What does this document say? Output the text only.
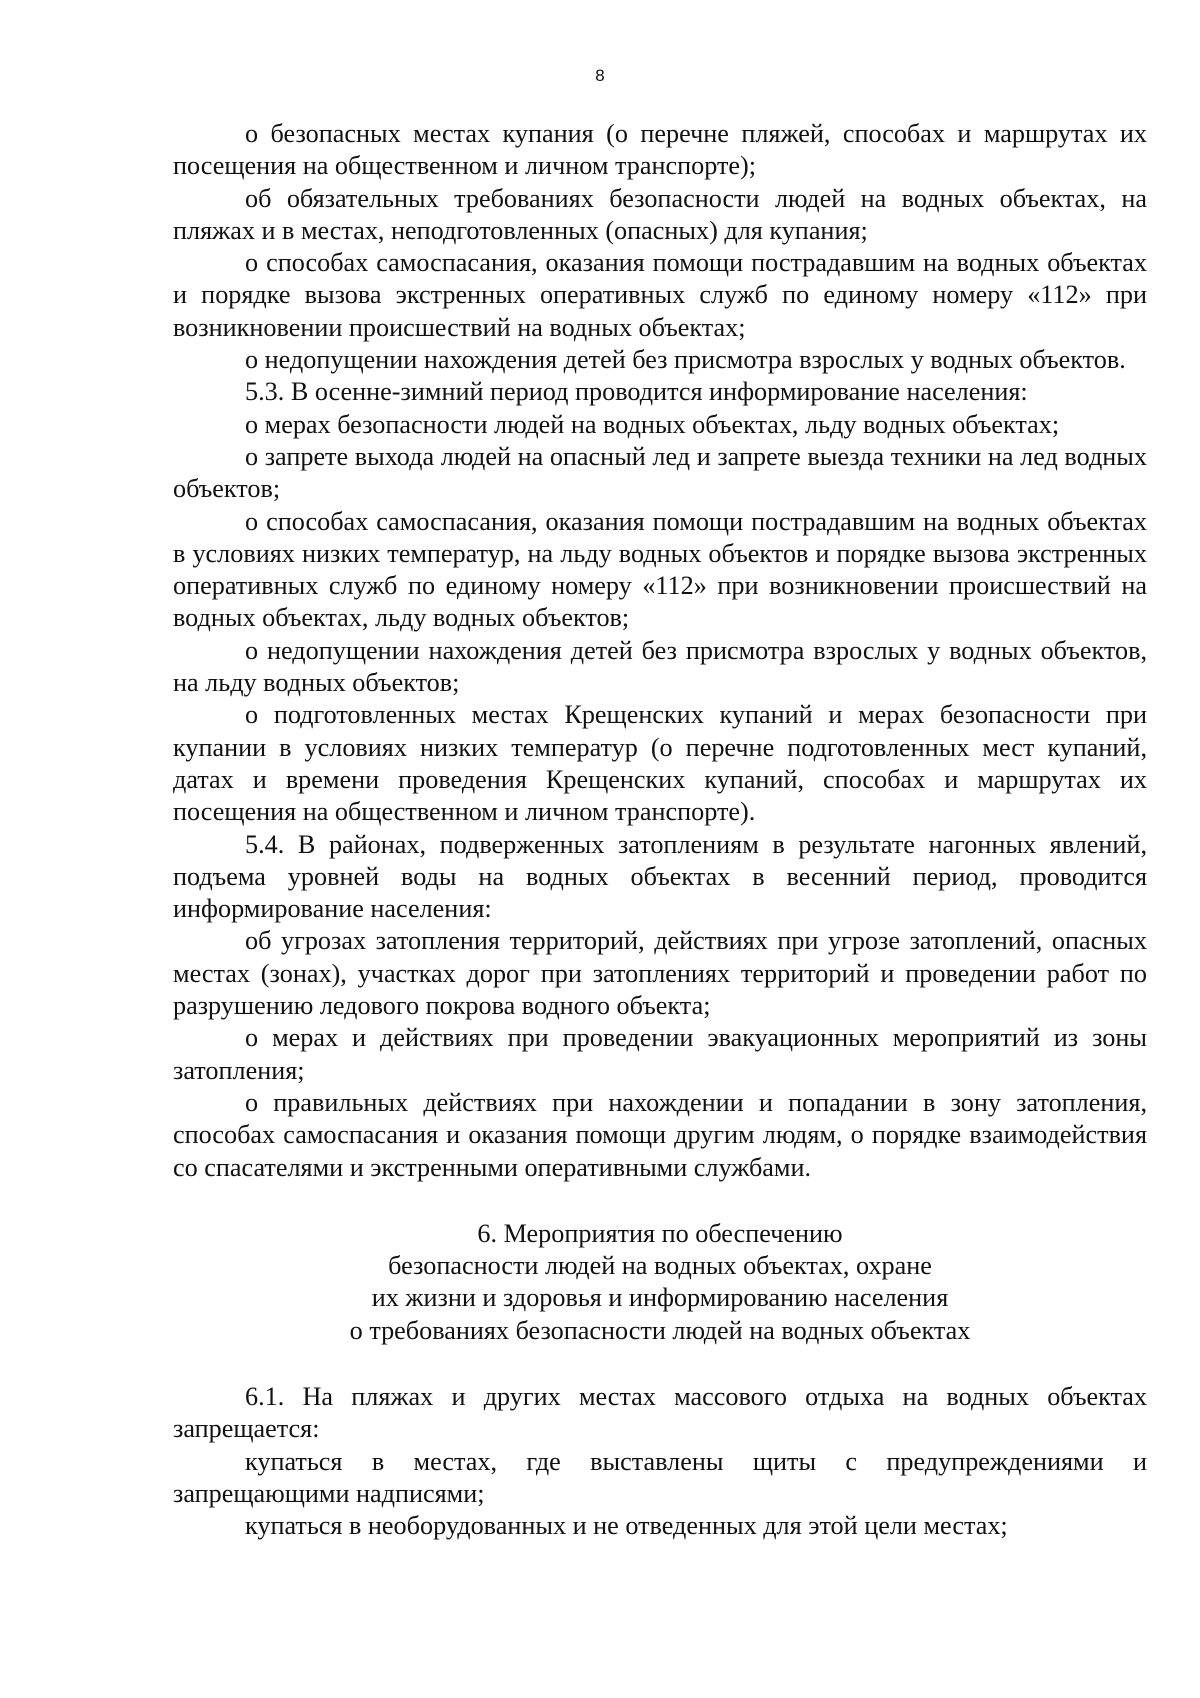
8

о безопасных местах купания (о перечне пляжей, способах и маршрутах их посещения на общественном и личном транспорте);

об обязательных требованиях безопасности людей на водных объектах, на пляжах и в местах, неподготовленных (опасных) для купания;

о способах самоспасания, оказания помощи пострадавшим на водных объектах и порядке вызова экстренных оперативных служб по единому номеру «112» при возникновении происшествий на водных объектах;

о недопущении нахождения детей без присмотра взрослых у водных объектов.

5.3. В осенне-зимний период проводится информирование населения:

о мерах безопасности людей на водных объектах, льду водных объектах;

о запрете выхода людей на опасный лед и запрете выезда техники на лед водных объектов;

о способах самоспасания, оказания помощи пострадавшим на водных объектах в условиях низких температур, на льду водных объектов и порядке вызова экстренных оперативных служб по единому номеру «112» при возникновении происшествий на водных объектах, льду водных объектов;

о недопущении нахождения детей без присмотра взрослых у водных объектов, на льду водных объектов;

о подготовленных местах Крещенских купаний и мерах безопасности при купании в условиях низких температур (о перечне подготовленных мест купаний, датах и времени проведения Крещенских купаний, способах и маршрутах их посещения на общественном и личном транспорте).

5.4. В районах, подверженных затоплениям в результате нагонных явлений, подъема уровней воды на водных объектах в весенний период, проводится информирование населения:

об угрозах затопления территорий, действиях при угрозе затоплений, опасных местах (зонах), участках дорог при затоплениях территорий и проведении работ по разрушению ледового покрова водного объекта;

о мерах и действиях при проведении эвакуационных мероприятий из зоны затопления;

о правильных действиях при нахождении и попадании в зону затопления, способах самоспасания и оказания помощи другим людям, о порядке взаимодействия со спасателями и экстренными оперативными службами.

6. Мероприятия по обеспечению
безопасности людей на водных объектах, охране
их жизни и здоровья и информированию населения
о требованиях безопасности людей на водных объектах

6.1. На пляжах и других местах массового отдыха на водных объектах запрещается:

купаться в местах, где выставлены щиты с предупреждениями и запрещающими надписями;

купаться в необорудованных и не отведенных для этой цели местах;
